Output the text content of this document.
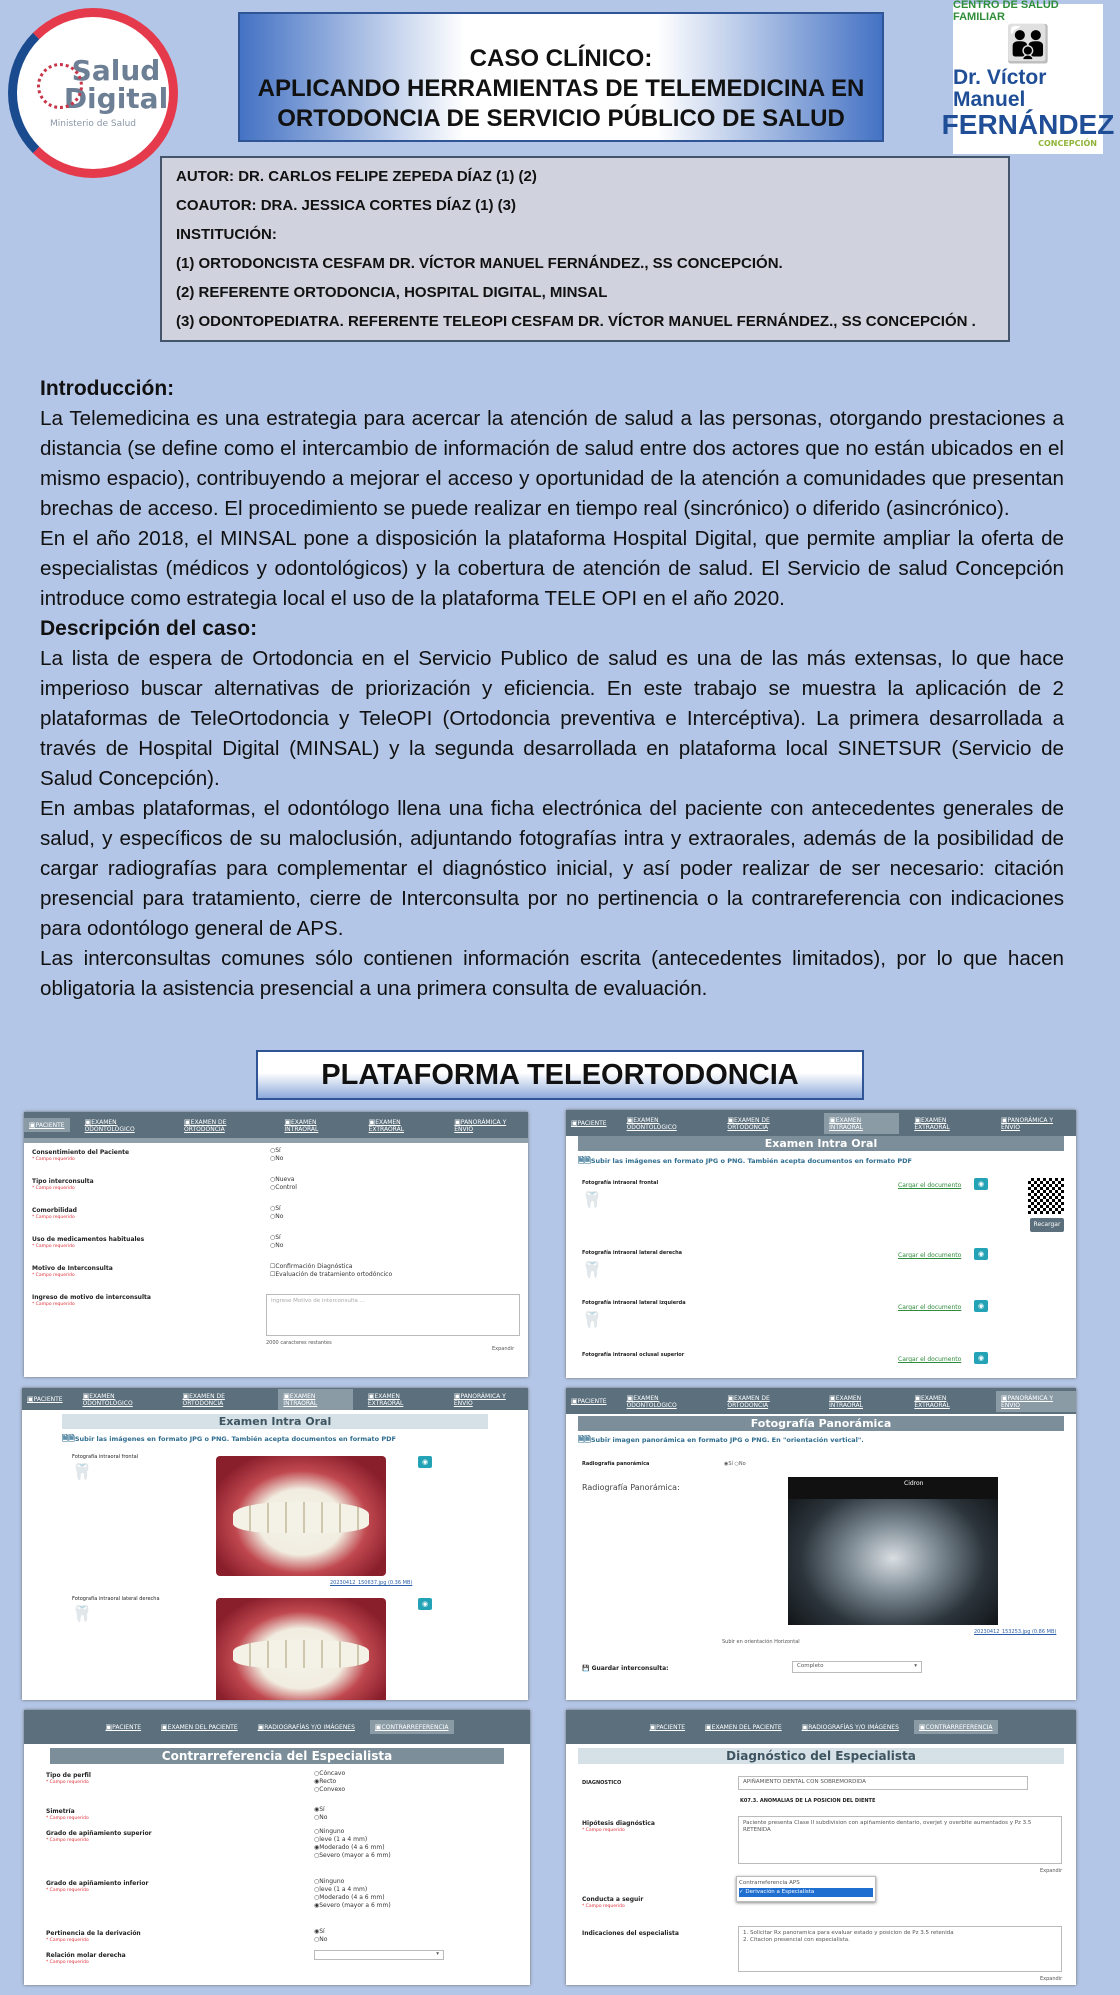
Salud
Digital
Ministerio de Salud
CASO CLÍNICO:
APLICANDO HERRAMIENTAS DE TELEMEDICINA EN
ORTODONCIA DE SERVICIO PÚBLICO DE SALUD
CENTRO DE SALUD FAMILIAR
👪
Dr. Víctor Manuel
FERNÁNDEZ
CONCEPCIÓN
AUTOR: DR. CARLOS FELIPE ZEPEDA DÍAZ (1) (2)
COAUTOR: DRA. JESSICA CORTES DÍAZ (1) (3)
INSTITUCIÓN:
(1) ORTODONCISTA CESFAM DR. VÍCTOR MANUEL FERNÁNDEZ., SS CONCEPCIÓN.
(2) REFERENTE ORTODONCIA, HOSPITAL DIGITAL, MINSAL
(3) ODONTOPEDIATRA. REFERENTE TELEOPI CESFAM DR. VÍCTOR MANUEL FERNÁNDEZ., SS CONCEPCIÓN .
Introducción:

La Telemedicina es una estrategia para acercar la atención de salud a las personas, otorgando prestaciones a distancia (se define como el intercambio de información de salud entre dos actores que no están ubicados en el mismo espacio), contribuyendo a mejorar el acceso y oportunidad de la atención a comunidades que presentan brechas de acceso. El procedimiento se puede realizar en tiempo real (sincrónico) o diferido (asincrónico).

En el año 2018, el MINSAL pone a disposición la plataforma Hospital Digital, que permite ampliar la oferta de especialistas (médicos y odontológicos) y la cobertura de atención de salud. El Servicio de salud Concepción introduce como estrategia local el uso de la plataforma TELE OPI en el año 2020.

Descripción del caso:

La lista de espera de Ortodoncia en el Servicio Publico de salud es una de las más extensas, lo que hace imperioso buscar alternativas de priorización y eficiencia. En este trabajo se muestra la aplicación de 2 plataformas de TeleOrtodoncia y TeleOPI (Ortodoncia preventiva e Intercéptiva). La primera desarrollada a través de Hospital Digital (MINSAL) y la segunda desarrollada en plataforma local SINETSUR (Servicio de Salud Concepción).

En ambas plataformas, el odontólogo llena una ficha electrónica del paciente con antecedentes generales de salud, y específicos de su maloclusión, adjuntando fotografías intra y extraorales, además de la posibilidad de cargar radiografías para complementar el diagnóstico inicial, y así poder realizar de ser necesario: citación presencial para tratamiento, cierre de Interconsulta por no pertinencia o la contrareferencia con indicaciones para odontólogo general de APS.

Las interconsultas comunes sólo contienen información escrita (antecedentes limitados), por lo que hacen obligatoria la asistencia presencial a una primera consulta de evaluación.

PLATAFORMA TELEORTODONCIA
▣ PACIENTE	▣ EXAMEN ODONTOLÓGICO
▣ EXAMEN DE ORTODONCIA
▣ EXAMEN INTRAORAL
▣ EXAMEN EXTRAORAL
▣ PANORÁMICA Y ENVÍO
Consentimiento del Paciente
* Campo requerido
○ Sí
○ No
Tipo interconsulta
* Campo requerido
○ Nueva
○ Control
Comorbilidad
* Campo requerido
○ Sí
○ No
Uso de medicamentos habituales
* Campo requerido
○ Sí
○ No
Motivo de Interconsulta
* Campo requerido
☐ Confirmación Diagnóstica
☐ Evaluación de tratamiento ortodóncico
Ingreso de motivo de interconsulta
* Campo requerido
Ingrese Motivo de interconsulta ...
2000 caracteres restantes
Expandir
▣ PACIENTE	▣ EXAMEN ODONTOLÓGICO
▣ EXAMEN DE ORTODONCIA
▣ EXAMEN INTRAORAL
▣ EXAMEN EXTRAORAL
▣ PANORÁMICA Y ENVÍO
Examen Intra Oral
🗎🗎 Subir las imágenes en formato JPG o PNG. También acepta documentos en formato PDF
Fotografía intraoral frontal
🦷
Cargar el documento	◉
Recargar
Fotografía intraoral lateral derecha
🦷
Cargar el documento	◉
Fotografía intraoral lateral izquierda
🦷
Cargar el documento	◉
Fotografía intraoral oclusal superior
Cargar el documento	◉
▣ PACIENTE	▣ EXAMEN ODONTOLÓGICO
▣ EXAMEN DE ORTODONCIA
▣ EXAMEN INTRAORAL
▣ EXAMEN EXTRAORAL
▣ PANORÁMICA Y ENVÍO
Examen Intra Oral
🗎🗎 Subir las imágenes en formato JPG o PNG. También acepta documentos en formato PDF
Fotografía intraoral frontal
🦷
20230412_150637.jpg (0.36 MB)
◉
Fotografía intraoral lateral derecha
🦷	◉
▣ PACIENTE	▣ EXAMEN ODONTOLÓGICO
▣ EXAMEN DE ORTODONCIA
▣ EXAMEN INTRAORAL
▣ EXAMEN EXTRAORAL
▣ PANORÁMICA Y ENVÍO
Fotografía Panorámica
🗎🗎 Subir imagen panorámica en formato JPG o PNG. En "orientación vertical".
Radiografía panorámica	◉ Sí ○ No
Radiografía Panorámica:	Cidron
20230412_153253.jpg (0.86 MB)
Subir en orientación Horizontal
💾 Guardar interconsulta:	Completo	▾
▣ PACIENTE	▣ EXAMEN DEL PACIENTE	▣ RADIOGRAFÍAS Y/O IMÁGENES	▣ CONTRARREFERENCIA
Contrarreferencia del Especialista
Tipo de perfil
* Campo requerido
○ Cóncavo
◉ Recto
○ Convexo
Simetría
* Campo requerido
◉ Sí
○ No
Grado de apiñamiento superior
* Campo requerido
○ Ninguno
○ leve (1 a 4 mm)
◉ Moderado (4 a 6 mm)
○ Severo (mayor a 6 mm)
Grado de apiñamiento inferior
* Campo requerido
○ Ninguno
○ leve (1 a 4 mm)
○ Moderado (4 a 6 mm)
◉ Severo (mayor a 6 mm)
Pertinencia de la derivación
* Campo requerido
◉ Sí
○ No
Relación molar derecha
* Campo requerido
▾
▣ PACIENTE	▣ EXAMEN DEL PACIENTE	▣ RADIOGRAFÍAS Y/O IMÁGENES	▣ CONTRARREFERENCIA
Diagnóstico del Especialista
DIAGNOSTICO	APIÑAMIENTO DENTAL CON SOBREMORDIDA
K07.3. ANOMALIAS DE LA POSICION DEL DIENTE
Hipótesis diagnóstica
* Campo requerido
Paciente presenta Clase II subdivision con apiñamiento dentario, overjet y overbite aumentados y Pz 3.5 RETENIDA
Expandir
Contrarreferencia APS
✓ Derivación a Especialista
Conducta a seguir
* Campo requerido
Indicaciones del especialista	1. Solicitar Rx panoramica para evaluar estado y posicion de Pz 3.5 retenida
2. Citacion presencial con especialista.
Expandir
